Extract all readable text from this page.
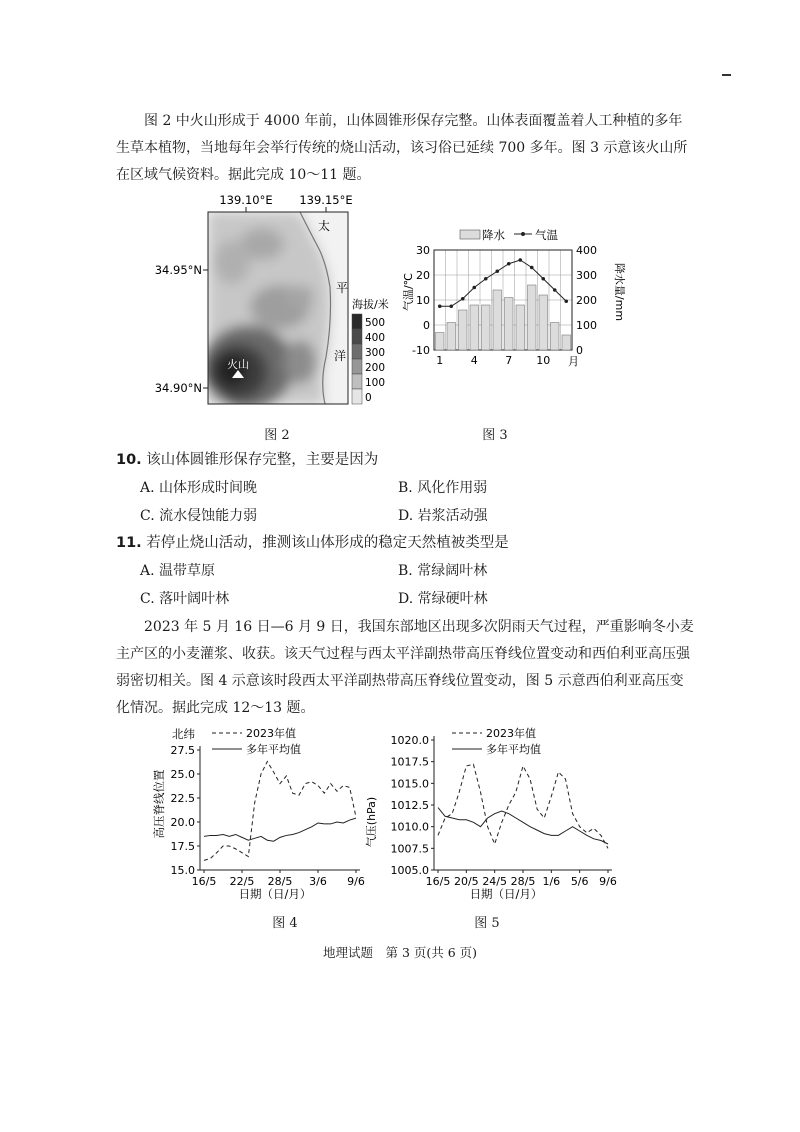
图 2 中火山形成于 4000 年前，山体圆锥形保存完整。山体表面覆盖着人工种植的多年生草本植物，当地每年会举行传统的烧山活动，该习俗已延续 700 多年。图 3 示意该火山所在区域气候资料。据此完成 10～11 题。
139.10°E 139.15°E
34.95°N
34.90°N
太
平
洋
火山
海拔/米
500
400
300
200
100
0
图 2
降水	气温
气温/℃	降水量/mm
月
-10
0
10
20
30
0
100
200
300
400
1	4	7 10
图 3
10. 该山体圆锥形保存完整，主要是因为
A. 山体形成时间晚	B. 风化作用弱
C. 流水侵蚀能力弱	D. 岩浆活动强
11. 若停止烧山活动，推测该山体形成的稳定天然植被类型是
A. 温带草原	B. 常绿阔叶林
C. 落叶阔叶林	D. 常绿硬叶林
2023 年 5 月 16 日—6 月 9 日，我国东部地区出现多次阴雨天气过程，严重影响冬小麦主产区的小麦灌浆、收获。该天气过程与西太平洋副热带高压脊线位置变动和西伯利亚高压强弱密切相关。图 4 示意该时段西太平洋副热带高压脊线位置变动，图 5 示意西伯利亚高压变化情况。据此完成 12～13 题。
北纬
高压脊线位置
日期（日/月）
2023年值
多年平均值
15.0
17.5
20.0
22.5
25.0
27.5
16/5 22/5 28/5 3/6 9/6
图 4
气压(hPa)
日期（日/月）
2023年值
多年平均值
1005.0
1007.5
1010.0
1012.5
1015.0
1017.5
1020.0
16/5 20/5 24/5 28/5 1/6 5/6 9/6
图 5
地理试题　第 3 页(共 6 页)
